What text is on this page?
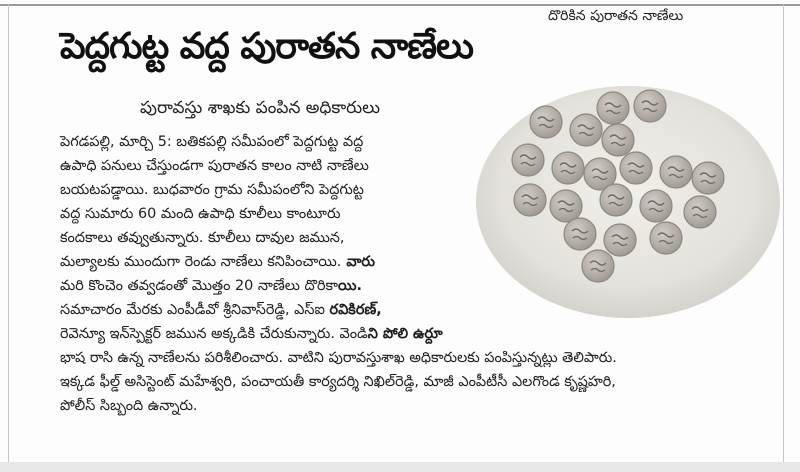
దొరికిన పురాతన నాణేలు
పెద్దగుట్ట వద్ద పురాతన నాణేలు
పురావస్తు శాఖకు పంపిన అధికారులు
పెగడపల్లి, మార్చి 5: బతికపల్లి సమీపంలో పెద్దగుట్ట వద్ద
ఉపాధి పనులు చేస్తుండగా పురాతన కాలం నాటి నాణేలు
బయటపడ్డాయి. బుధవారం గ్రామ సమీపంలోని పెద్దగుట్ట
వద్ద సుమారు 60 మంది ఉపాధి కూలీలు కాంటూరు
కందకాలు తవ్వుతున్నారు. కూలీలు దావుల జమున,
మల్యాలకు ముందుగా రెండు నాణేలు కనిపించాయి. వారు
మరి కొంచెం తవ్వడంతో మొత్తం 20 నాణేలు దొరికాయి.
సమాచారం మేరకు ఎంపీడీవో శ్రీనివాస్‌రెడ్డి, ఎస్‌ఐ రవికిరణ్,
రెవెన్యూ ఇన్‌స్పెక్టర్ జమున అక్కడికి చేరుకున్నారు. వెండిని పోలి ఉర్దూ
భాష రాసి ఉన్న నాణేలను పరిశీలించారు. వాటిని పురావస్తుశాఖ అధికారులకు పంపిస్తున్నట్లు తెలిపారు.
ఇక్కడ ఫీల్డ్ అసిస్టెంట్ మహేశ్వరి, పంచాయతీ కార్యదర్శి నిఖిల్‌రెడ్డి, మాజీ ఎంపీటీసీ ఎలగొండ కృష్ణహరి,
పోలీస్ సిబ్బంది ఉన్నారు.
